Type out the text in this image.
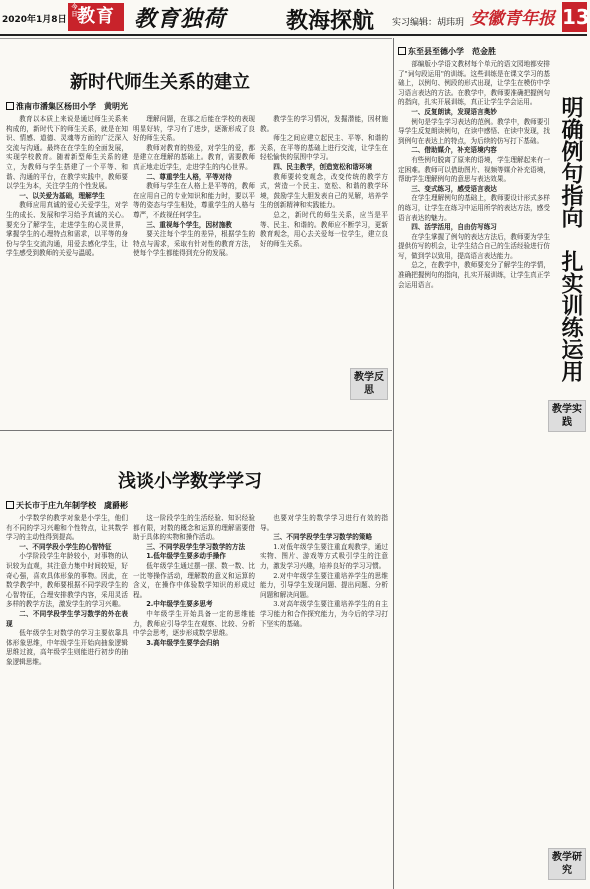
2020年1月8日
今日
教育 教育独荷	教海探航 实习编辑：胡玮玥 安徽青年报 13
新时代师生关系的建立
淮南市潘集区杨田小学　黄明光

教育以本质上来说是通过师生关系来构成的，新时代下的师生关系，就是在知识、情感、道德、灵魂等方面的广泛深入交流与沟通。最终在在学生的全面发展，实现学校教育。随着新型师生关系的建立，为教师与学生搭建了一个平等、和谐、沟通的平台，在教学实践中，教师要以学生为本，关注学生的个性发展。

一、以关爱为基础，理解学生

教师应用真诚的爱心关爱学生，对学生的成长、发展和学习给予真诚的关心。要充分了解学生，走进学生的心灵世界，掌握学生的心理特点和需求，以平等的身份与学生交流沟通，用爱去感化学生，让学生感受到教师的关爱与温暖。

理解问题，在那之后能在学校的表现明显好转，学习有了进步，逐渐形成了良好的师生关系。

教师对教育的热爱，对学生的爱，都是建立在理解的基础上。教育，需要教师真正地走近学生，走进学生的内心世界。

二、尊重学生人格，平等对待

教师与学生在人格上是平等的，教师在应用自己的专业知识和能力时，要以平等的姿态与学生相处，尊重学生的人格与尊严，不歧视任何学生。

三、重视每个学生，因材施教

要关注每个学生的差异，根据学生的特点与需求，采取有针对性的教育方法，使每个学生都能得到充分的发展。

教学生的学习情况，发掘潜能，因材施教。

师生之间应建立起民主、平等、和谐的关系，在平等的基础上进行交流，让学生在轻松愉快的氛围中学习。

四、民主教学，创造宽松和谐环境

教师要转变观念，改变传统的教学方式，营造一个民主、宽松、和谐的教学环境，鼓励学生大胆发表自己的见解，培养学生的创新精神和实践能力。

总之，新时代的师生关系，应当是平等、民主、和谐的。教师应不断学习，更新教育观念，用心去关爱每一位学生，建立良好的师生关系。

教学反思
浅谈小学数学学习
天长市于庄九年制学校　虞爵彬

小学数学的教学对象是小学生，他们有不同的学习兴趣和个性特点，让其数学学习的主动性得到提高。

一、不同学段小学生的心智特征

小学阶段学生年龄较小，对事物的认识较为直观，其注意力集中时间较短，好奇心强，喜欢具体形象的事物。因此，在数学教学中，教师要根据不同学段学生的心智特征，合理安排教学内容，采用灵活多样的教学方法，激发学生的学习兴趣。

二、不同学段学生学习数学的外在表现

低年级学生对数学的学习主要依靠具体形象思维，中年级学生开始向抽象逻辑思维过渡，高年级学生则能进行初步的抽象逻辑思维。

这一阶段学生的生活经验、知识经验都有限，对数的概念和运算的理解需要借助于具体的实物和操作活动。

三、不同学段学生学习数学的方法

1.低年级学生要多动手操作

低年级学生通过摆一摆、数一数、比一比等操作活动，理解数的意义和运算的含义，在操作中体验数学知识的形成过程。

2.中年级学生要多思考

中年级学生开始具备一定的思维能力，教师应引导学生在观察、比较、分析中学会思考，逐步形成数学思维。

3.高年级学生要学会归纳

也要对学生的数学学习进行有效的指导。

三、不同学段学生学习数学的策略

1.对低年级学生要注重直观教学，通过实物、图片、游戏等方式吸引学生的注意力，激发学习兴趣，培养良好的学习习惯。

2.对中年级学生要注重培养学生的思维能力，引导学生发现问题、提出问题、分析问题和解决问题。

3.对高年级学生要注重培养学生的自主学习能力和合作探究能力，为今后的学习打下坚实的基础。

明确例句指向　扎实训练运用
东至县至德小学　范金胜

部编版小学语文教材每个单元的语文园地都安排了"词句段运用"的训练。这些训练是在课文学习的基础上，以例句、例段的形式出现，让学生在模仿中学习语言表达的方法。在教学中，教师要准确把握例句的指向，扎实开展训练，真正让学生学会运用。

一、反复朗读，发现语言奥妙

例句是学生学习表达的范例。教学中，教师要引导学生反复朗读例句，在读中感悟、在读中发现，找到例句在表达上的特点，为后续的仿写打下基础。

二、借助媒介，补充语境内容

有些例句脱离了原来的语境，学生理解起来有一定困难。教师可以借助图片、视频等媒介补充语境，帮助学生理解例句的意思与表达效果。

三、变式练习，感受语言表达

在学生理解例句的基础上，教师要设计形式多样的练习，让学生在练习中运用所学的表达方法，感受语言表达的魅力。

四、活学活用，自由仿写练习

在学生掌握了例句的表达方法后，教师要为学生提供仿写的机会，让学生结合自己的生活经验进行仿写，做到学以致用，提高语言表达能力。

总之，在教学中，教师要充分了解学生的学情，准确把握例句的指向，扎实开展训练，让学生真正学会运用语言。

教学实践
教学研究
